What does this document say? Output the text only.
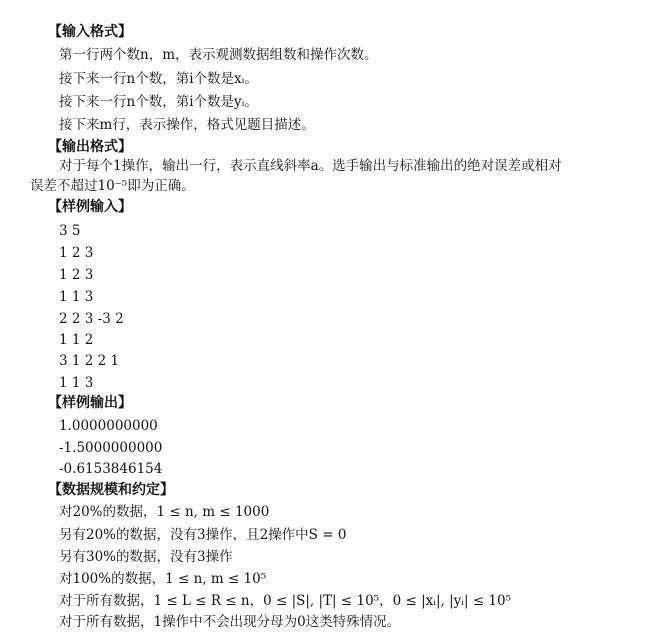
【输入格式】
第一行两个数n，m，表示观测数据组数和操作次数。
接下来一行n个数，第i个数是xᵢ。
接下来一行n个数，第i个数是yᵢ。
接下来m行，表示操作，格式见题目描述。
【输出格式】
对于每个1操作，输出一行，表示直线斜率a。选手输出与标准输出的绝对误差或相对
误差不超过10⁻⁵即为正确。
【样例输入】
3 5
1 2 3
1 2 3
1 1 3
2 2 3 -3 2
1 1 2
3 1 2 2 1
1 1 3
【样例输出】
1.0000000000
-1.5000000000
-0.6153846154
【数据规模和约定】
对20%的数据，1 ≤ n, m ≤ 1000
另有20%的数据，没有3操作，且2操作中S = 0
另有30%的数据，没有3操作
对100%的数据，1 ≤ n, m ≤ 10⁵
对于所有数据，1 ≤ L ≤ R ≤ n，0 ≤ |S|, |T| ≤ 10⁵，0 ≤ |xᵢ|, |yᵢ| ≤ 10⁵
对于所有数据，1操作中不会出现分母为0这类特殊情况。
